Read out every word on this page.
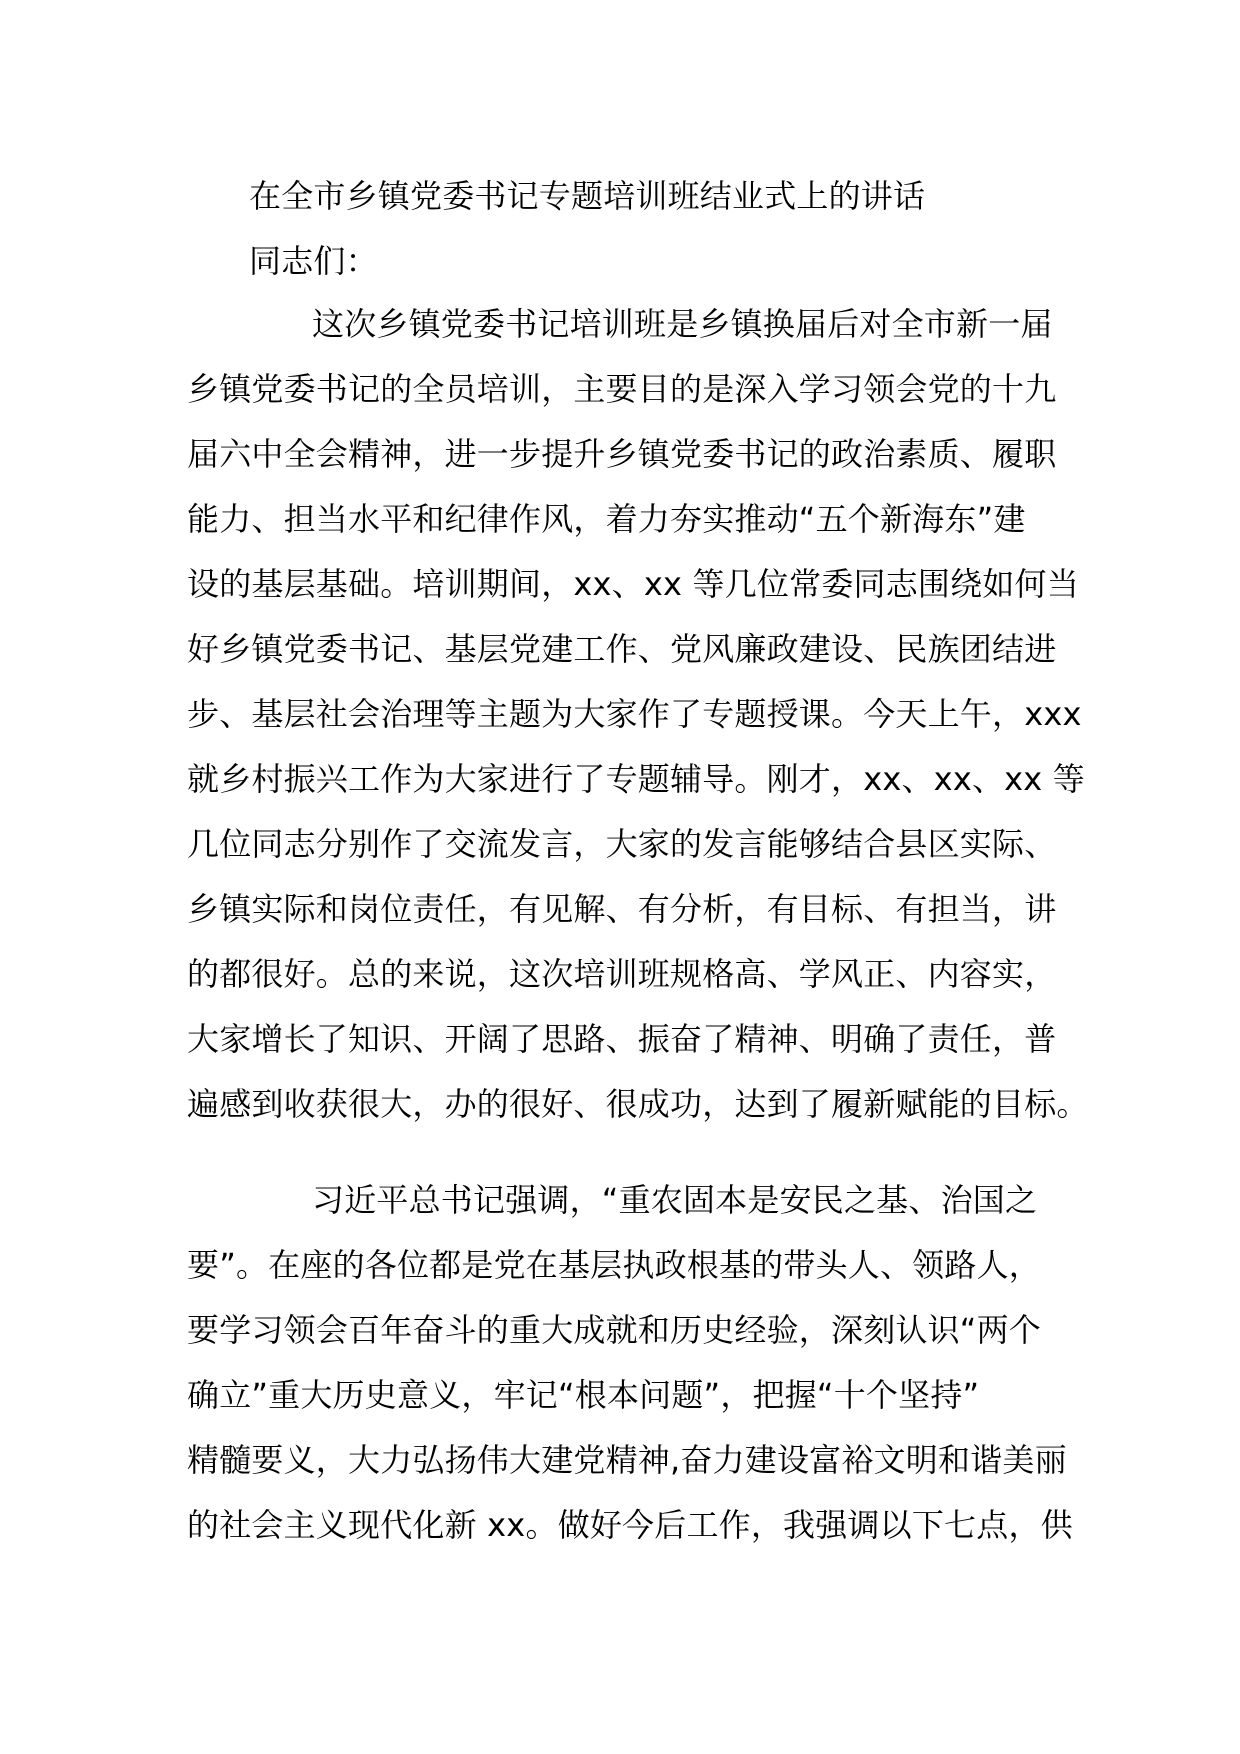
在全市乡镇党委书记专题培训班结业式上的讲话
同志们：
这次乡镇党委书记培训班是乡镇换届后对全市新一届
乡镇党委书记的全员培训，主要目的是深入学习领会党的十九
届六中全会精神，进一步提升乡镇党委书记的政治素质、履职
能力、担当水平和纪律作风，着力夯实推动“五个新海东”建
设的基层基础。培训期间，xx、xx 等几位常委同志围绕如何当
好乡镇党委书记、基层党建工作、党风廉政建设、民族团结进
步、基层社会治理等主题为大家作了专题授课。今天上午，xxx
就乡村振兴工作为大家进行了专题辅导。刚才，xx、xx、xx 等
几位同志分别作了交流发言，大家的发言能够结合县区实际、
乡镇实际和岗位责任，有见解、有分析，有目标、有担当，讲
的都很好。总的来说，这次培训班规格高、学风正、内容实，
大家增长了知识、开阔了思路、振奋了精神、明确了责任，普
遍感到收获很大，办的很好、很成功，达到了履新赋能的目标。
习近平总书记强调，“重农固本是安民之基、治国之
要”。在座的各位都是党在基层执政根基的带头人、领路人，
要学习领会百年奋斗的重大成就和历史经验，深刻认识“两个
确立”重大历史意义，牢记“根本问题”，把握“十个坚持”
精髓要义，大力弘扬伟大建党精神,奋力建设富裕文明和谐美丽
的社会主义现代化新 xx。做好今后工作，我强调以下七点，供
